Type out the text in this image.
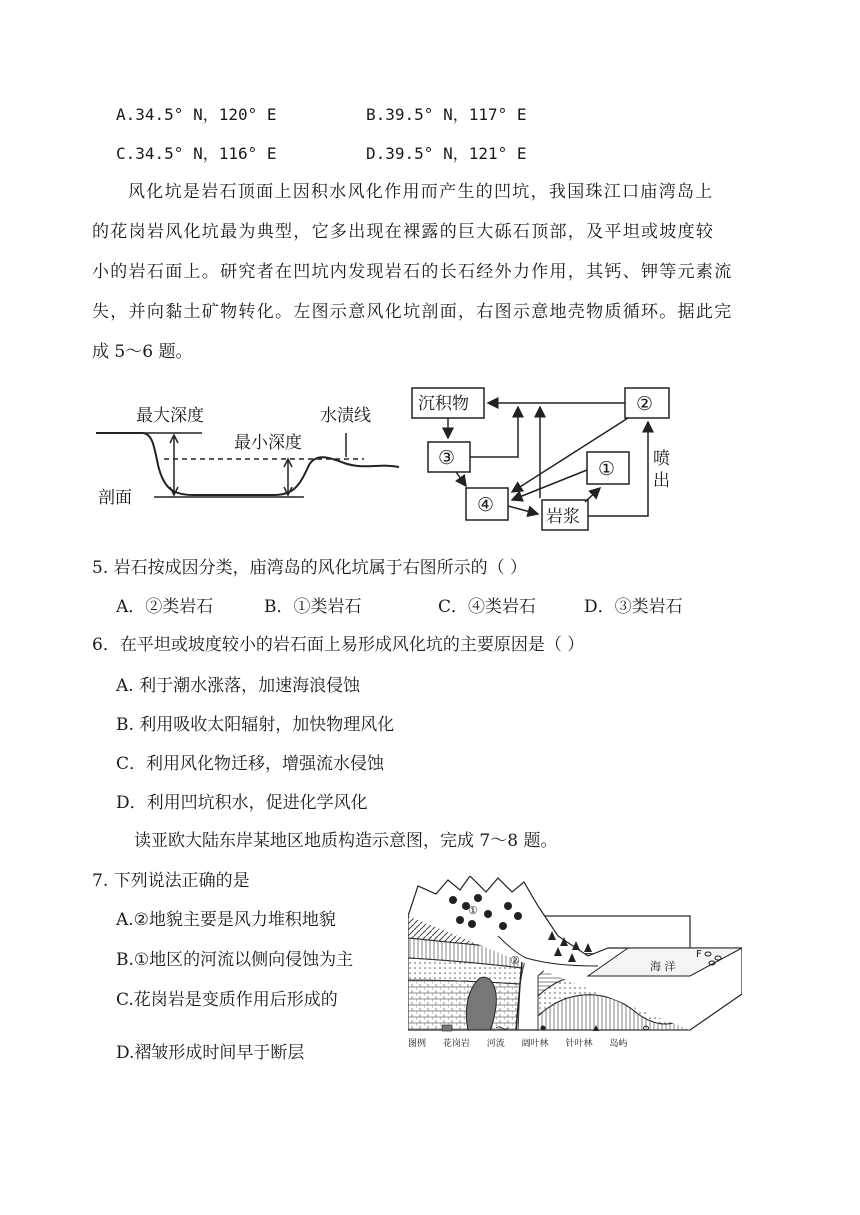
A.34.5° N，120° E	B.39.5° N，117° E
C.34.5° N，116° E	D.39.5° N，121° E
风化坑是岩石顶面上因积水风化作用而产生的凹坑，我国珠江口庙湾岛上
的花岗岩风化坑最为典型，它多出现在裸露的巨大砾石顶部，及平坦或坡度较
小的岩石面上。研究者在凹坑内发现岩石的长石经外力作用，其钙、钾等元素流
失，并向黏土矿物转化。左图示意风化坑剖面，右图示意地壳物质循环。据此完
成 5～6 题。
最大深度
最小深度
水渍线
剖面
沉积物	②
③	①
④
岩浆
喷出
5. 岩石按成因分类，庙湾岛的风化坑属于右图所示的（ ）
A．②类岩石	B．①类岩石	C．④类岩石	D．③类岩石
6．在平坦或坡度较小的岩石面上易形成风化坑的主要原因是（ ）
A. 利于潮水涨落，加速海浪侵蚀
B. 利用吸收太阳辐射，加快物理风化
C．利用风化物迁移，增强流水侵蚀
D．利用凹坑积水，促进化学风化
读亚欧大陆东岸某地区地质构造示意图，完成 7～8 题。
7. 下列说法正确的是
A.②地貌主要是风力堆积地貌
B.①地区的河流以侧向侵蚀为主
C.花岗岩是变质作用后形成的
D.褶皱形成时间早于断层
①
②	海 洋
F
图例 花岗岩 河流 阔叶林 针叶林 岛屿
